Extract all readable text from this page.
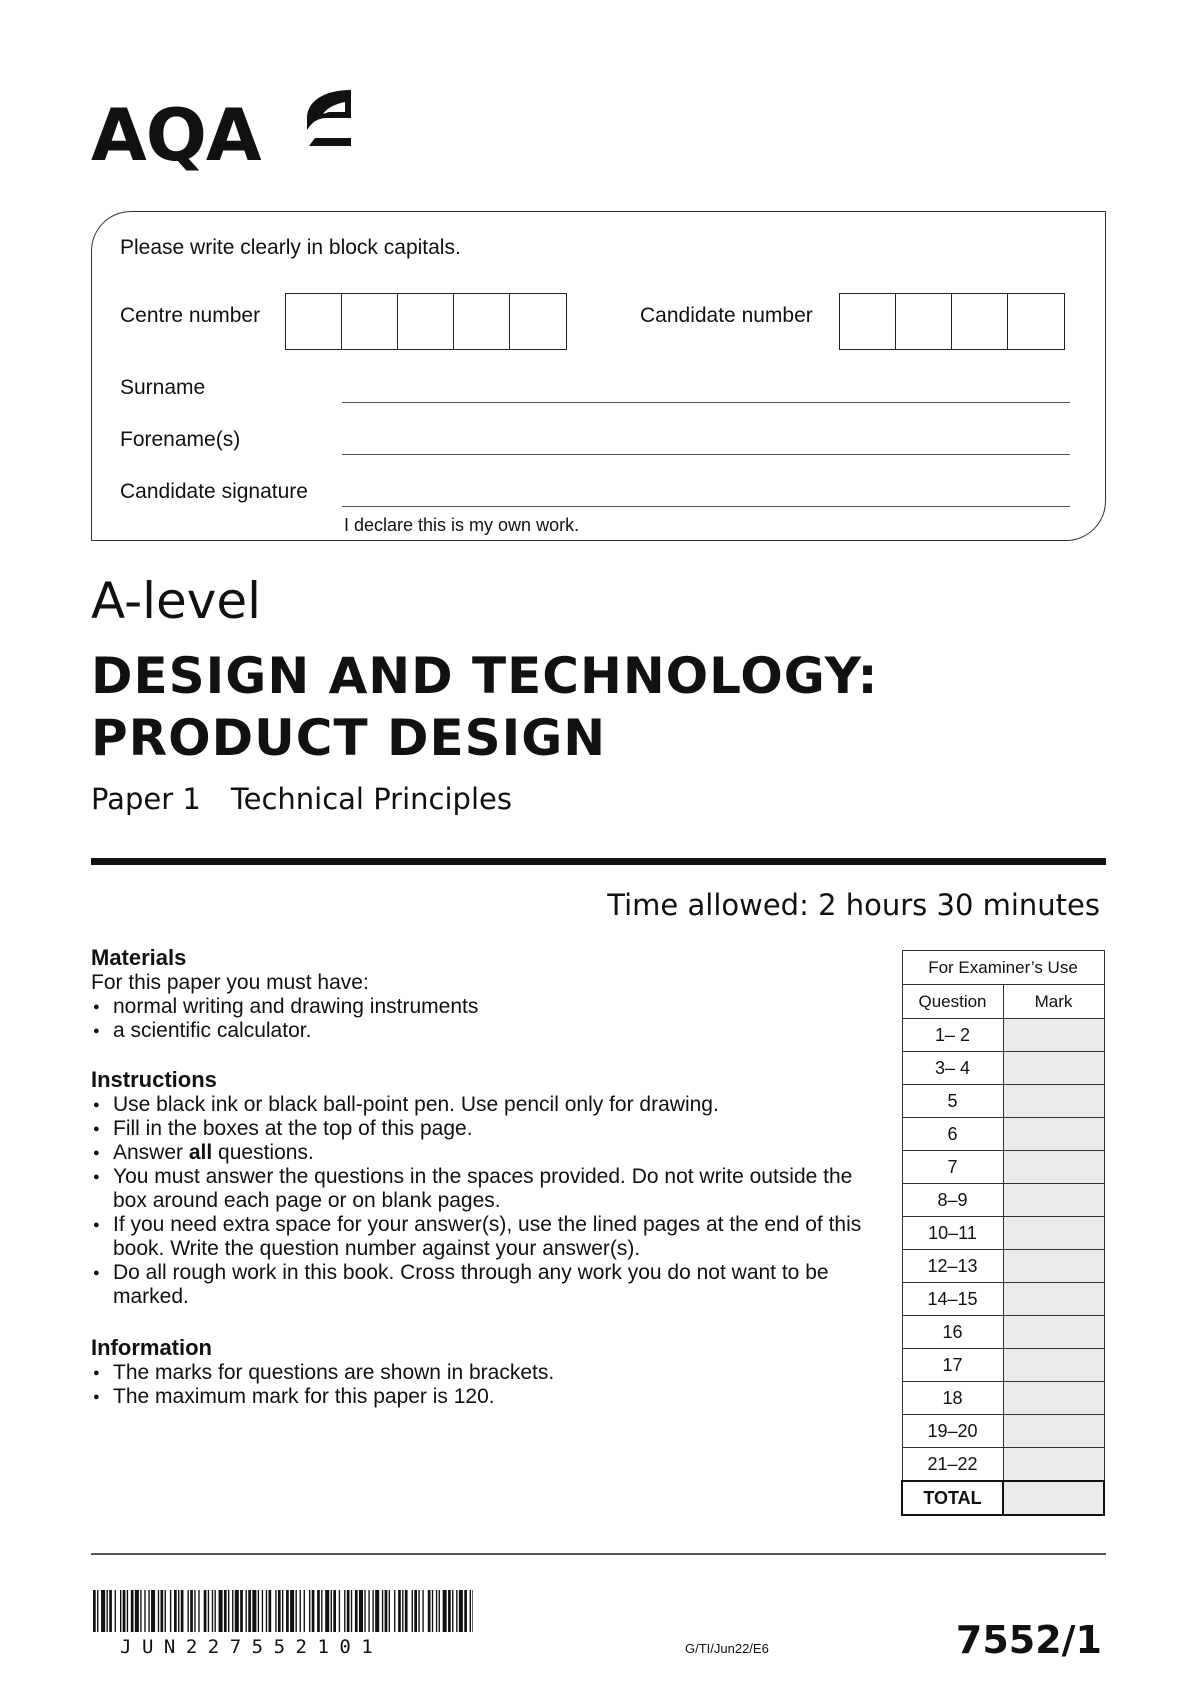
AQA
Please write clearly in block capitals.
Centre number	Candidate number
Surname
Forename(s)
Candidate signature
I declare this is my own work.
A-level
DESIGN AND TECHNOLOGY:
PRODUCT DESIGN
Paper 1 Technical Principles
Time allowed: 2 hours 30 minutes
Materials

For this paper you must have:

● normal writing and drawing instruments
● a scientific calculator.
Instructions
● Use black ink or black ball-point pen. Use pencil only for drawing.
● Fill in the boxes at the top of this page.
● Answer all questions.
● You must answer the questions in the spaces provided. Do not write outside the box around each page or on blank pages.
● If you need extra space for your answer(s), use the lined pages at the end of this book. Write the question number against your answer(s).
● Do all rough work in this book. Cross through any work you do not want to be marked.
Information
● The marks for questions are shown in brackets.
● The maximum mark for this paper is 120.
For Examiner’s Use	
Question	Mark
1– 2	
3– 4	
5	
6	
7	
8–9	
10–11	
12–13	
14–15	
16	
17	
18	
19–20	
21–22	
TOTAL	
JUN227552101	G/TI/Jun22/E6	7552/1
